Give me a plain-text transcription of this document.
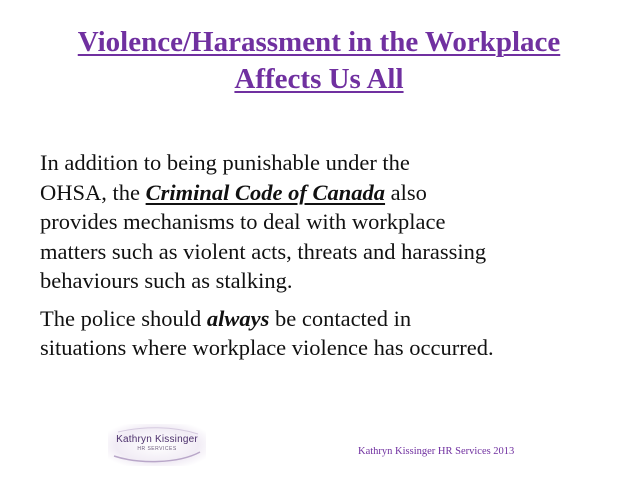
Violence/Harassment in the Workplace
Affects Us All
In addition to being punishable under the
OHSA, the Criminal Code of Canada also
provides mechanisms to deal with workplace
matters such as violent acts, threats and harassing
behaviours such as stalking.
The police should always be contacted in
situations where workplace violence has occurred.
Kathryn Kissinger
HR SERVICES	Kathryn Kissinger HR Services 2013
